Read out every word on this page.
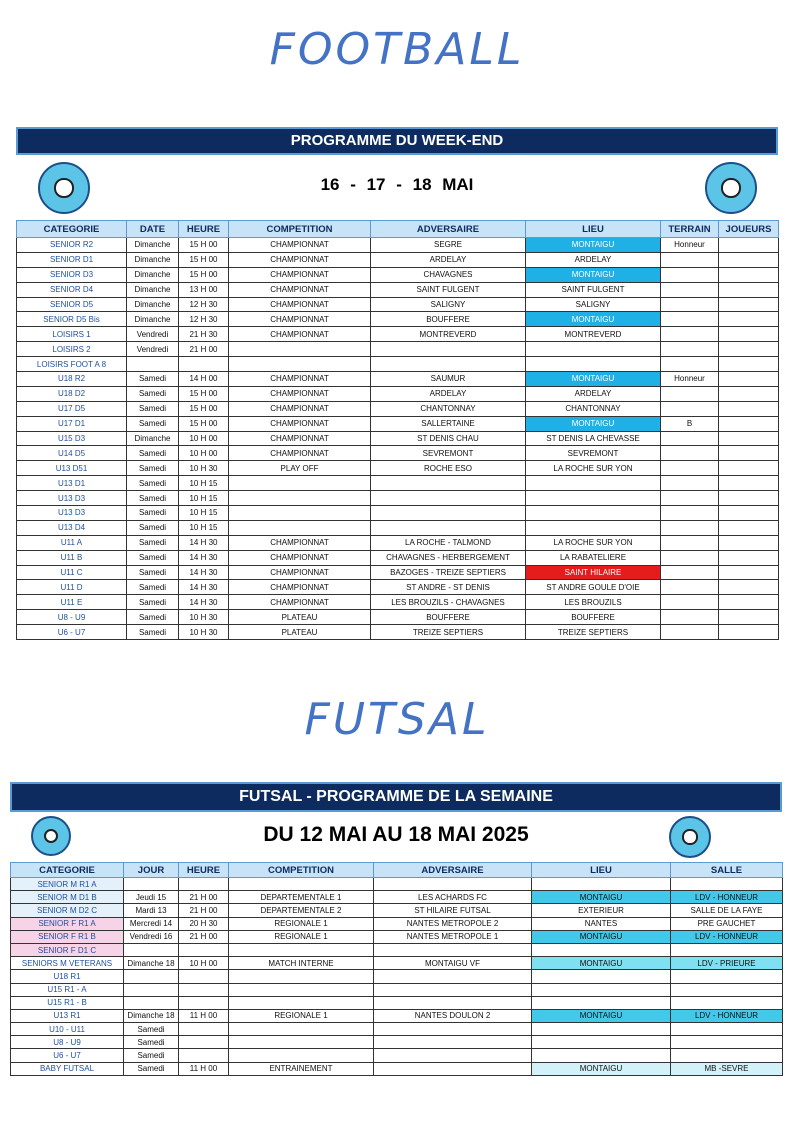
FOOTBALL
PROGRAMME DU WEEK-END
16 - 17 - 18 MAI
CATEGORIE	DATE	HEURE	COMPETITION	ADVERSAIRE	LIEU	TERRAIN	JOUEURS
SENIOR R2	Dimanche	15 H 00	CHAMPIONNAT	SEGRE	MONTAIGU	Honneur	
SENIOR D1	Dimanche	15 H 00	CHAMPIONNAT	ARDELAY	ARDELAY		
SENIOR D3	Dimanche	15 H 00	CHAMPIONNAT	CHAVAGNES	MONTAIGU		
SENIOR D4	Dimanche	13 H 00	CHAMPIONNAT	SAINT FULGENT	SAINT FULGENT		
SENIOR D5	Dimanche	12 H 30	CHAMPIONNAT	SALIGNY	SALIGNY		
SENIOR D5 Bis	Dimanche	12 H 30	CHAMPIONNAT	BOUFFERE	MONTAIGU		
LOISIRS 1	Vendredi	21 H 30	CHAMPIONNAT	MONTREVERD	MONTREVERD		
LOISIRS 2	Vendredi	21 H 00					
LOISIRS FOOT A 8							
U18 R2	Samedi	14 H 00	CHAMPIONNAT	SAUMUR	MONTAIGU	Honneur	
U18 D2	Samedi	15 H 00	CHAMPIONNAT	ARDELAY	ARDELAY		
U17 D5	Samedi	15 H 00	CHAMPIONNAT	CHANTONNAY	CHANTONNAY		
U17 D1	Samedi	15 H 00	CHAMPIONNAT	SALLERTAINE	MONTAIGU	B	
U15 D3	Dimanche	10 H 00	CHAMPIONNAT	ST DENIS CHAU	ST DENIS LA CHEVASSE		
U14 D5	Samedi	10 H 00	CHAMPIONNAT	SEVREMONT	SEVREMONT		
U13 D51	Samedi	10 H 30	PLAY OFF	ROCHE ESO	LA ROCHE SUR YON		
U13 D1	Samedi	10 H 15					
U13 D3	Samedi	10 H 15					
U13 D3	Samedi	10 H 15					
U13 D4	Samedi	10 H 15					
U11 A	Samedi	14 H 30	CHAMPIONNAT	LA ROCHE - TALMOND	LA ROCHE SUR YON		
U11 B	Samedi	14 H 30	CHAMPIONNAT	CHAVAGNES - HERBERGEMENT	LA RABATELIERE		
U11 C	Samedi	14 H 30	CHAMPIONNAT	BAZOGES - TREIZE SEPTIERS	SAINT HILAIRE		
U11 D	Samedi	14 H 30	CHAMPIONNAT	ST ANDRE - ST DENIS	ST ANDRE GOULE D'OIE		
U11 E	Samedi	14 H 30	CHAMPIONNAT	LES BROUZILS - CHAVAGNES	LES BROUZILS		
U8 - U9	Samedi	10 H 30	PLATEAU	BOUFFERE	BOUFFERE		
U6 - U7	Samedi	10 H 30	PLATEAU	TREIZE SEPTIERS	TREIZE SEPTIERS		
FUTSAL
FUTSAL - PROGRAMME DE LA SEMAINE
DU 12 MAI AU 18 MAI 2025
CATEGORIE	JOUR	HEURE	COMPETITION	ADVERSAIRE	LIEU	SALLE
SENIOR M R1 A						
SENIOR M D1 B	Jeudi 15	21 H 00	DEPARTEMENTALE 1	LES ACHARDS FC	MONTAIGU	LDV - HONNEUR
SENIOR M D2 C	Mardi 13	21 H 00	DEPARTEMENTALE 2	ST HILAIRE FUTSAL	EXTERIEUR	SALLE DE LA FAYE
SENIOR F R1 A	Mercredi 14	20 H 30	REGIONALE 1	NANTES METROPOLE 2	NANTES	PRE GAUCHET
SENIOR F R1 B	Vendredi 16	21 H 00	REGIONALE 1	NANTES METROPOLE 1	MONTAIGU	LDV - HONNEUR
SENIOR F D1 C						
SENIORS M VETERANS	Dimanche 18	10 H 00	MATCH INTERNE	MONTAIGU VF	MONTAIGU	LDV - PRIEURE
U18 R1						
U15 R1 - A						
U15 R1 - B						
U13 R1	Dimanche 18	11 H 00	REGIONALE 1	NANTES DOULON 2	MONTAIGU	LDV - HONNEUR
U10 - U11	Samedi					
U8 - U9	Samedi					
U6 - U7	Samedi					
BABY FUTSAL	Samedi	11 H 00	ENTRAINEMENT		MONTAIGU	MB -SEVRE
